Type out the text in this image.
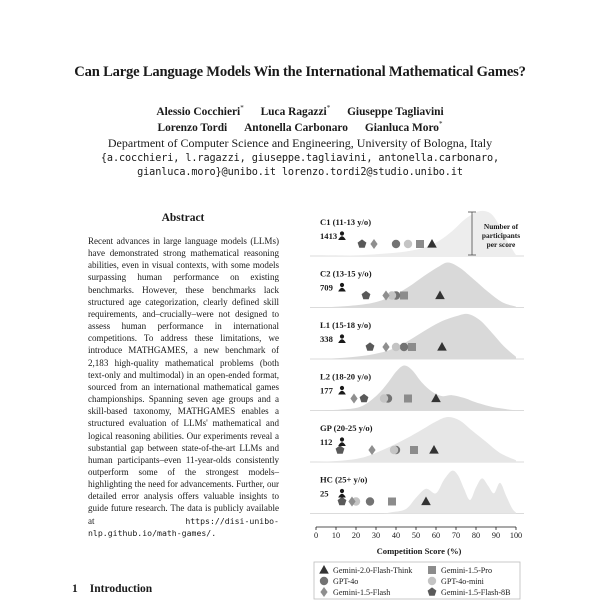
Can Large Language Models Win the International Mathematical Games?
Alessio Cocchieri* Luca Ragazzi* Giuseppe Tagliavini
Lorenzo Tordi Antonella Carbonaro Gianluca Moro*
Department of Computer Science and Engineering, University of Bologna, Italy
{a.cocchieri, l.ragazzi, giuseppe.tagliavini, antonella.carbonaro,
gianluca.moro}@unibo.it lorenzo.tordi2@studio.unibo.it
Abstract
Recent advances in large language models (LLMs) have demonstrated strong mathematical reasoning abilities, even in visual contexts, with some models surpassing human performance on existing benchmarks. However, these benchmarks lack structured age categorization, clearly defined skill requirements, and–crucially–were not designed to assess human performance in international competitions. To address these limitations, we introduce MATHGAMES, a new benchmark of 2,183 high-quality mathematical problems (both text-only and multimodal) in an open-ended format, sourced from an international mathematical games championships. Spanning seven age groups and a skill-based taxonomy, MATHGAMES enables a structured evaluation of LLMs' mathematical and logical reasoning abilities. Our experiments reveal a substantial gap between state-of-the-art LLMs and human participants–even 11-year-olds consistently outperform some of the strongest models–highlighting the need for advancements. Further, our detailed error analysis offers valuable insights to guide future research. The data is publicly available at	https://disi-unibo-nlp.github.io/math-games/.
1 Introduction
C1 (11-13 y/o)
1413
C2 (13-15 y/o)
709
L1 (15-18 y/o)
338
L2 (18-20 y/o)
177
GP (20-25 y/o)
112
HC (25+ y/o)
25
Number of participants per score
0 10 20 30 40 50 60 70 80 90 100
Competition Score (%)
Gemini-2.0-Flash-Think	Gemini-1.5-Pro
GPT-4o	GPT-4o-mini
Gemini-1.5-Flash	Gemini-1.5-Flash-8B
